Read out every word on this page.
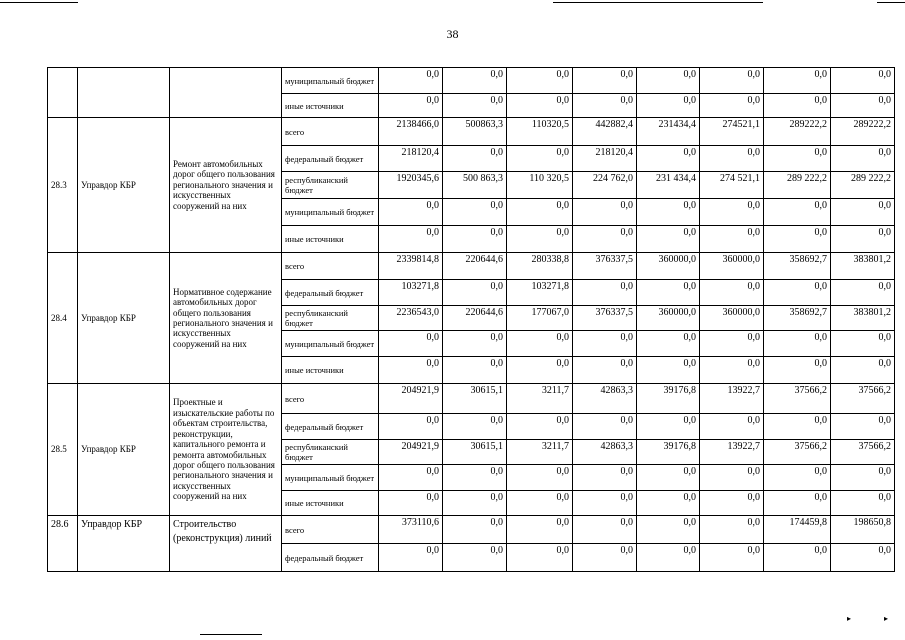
38
			муниципальный бюджет	0,0	0,0	0,0	0,0	0,0	0,0	0,0	0,0
			иные источники	0,0	0,0	0,0	0,0	0,0	0,0	0,0	0,0
28.3	Управдор КБР	Ремонт автомобильных дорог общего пользования регионального значения и искусственных сооружений на них	всего	2138466,0	500863,3	110320,5	442882,4	231434,4	274521,1	289222,2	289222,2
			федеральный бюджет	218120,4	0,0	0,0	218120,4	0,0	0,0	0,0	0,0
			республиканский бюджет	1920345,6	500 863,3	110 320,5	224 762,0	231 434,4	274 521,1	289 222,2	289 222,2
			муниципальный бюджет	0,0	0,0	0,0	0,0	0,0	0,0	0,0	0,0
			иные источники	0,0	0,0	0,0	0,0	0,0	0,0	0,0	0,0
28.4	Управдор КБР	Нормативное содержание автомобильных дорог общего пользования регионального значения и искусственных сооружений на них	всего	2339814,8	220644,6	280338,8	376337,5	360000,0	360000,0	358692,7	383801,2
			федеральный бюджет	103271,8	0,0	103271,8	0,0	0,0	0,0	0,0	0,0
			республиканский бюджет	2236543,0	220644,6	177067,0	376337,5	360000,0	360000,0	358692,7	383801,2
			муниципальный бюджет	0,0	0,0	0,0	0,0	0,0	0,0	0,0	0,0
			иные источники	0,0	0,0	0,0	0,0	0,0	0,0	0,0	0,0
28.5	Управдор КБР	Проектные и изыскательские работы по объектам строительства, реконструкции, капитального ремонта и ремонта автомобильных дорог общего пользования регионального значения и искусственных сооружений на них	всего	204921,9	30615,1	3211,7	42863,3	39176,8	13922,7	37566,2	37566,2
			федеральный бюджет	0,0	0,0	0,0	0,0	0,0	0,0	0,0	0,0
			республиканский бюджет	204921,9	30615,1	3211,7	42863,3	39176,8	13922,7	37566,2	37566,2
			муниципальный бюджет	0,0	0,0	0,0	0,0	0,0	0,0	0,0	0,0
			иные источники	0,0	0,0	0,0	0,0	0,0	0,0	0,0	0,0
28.6	Управдор КБР	Строительство (реконструкция) линий	всего	373110,6	0,0	0,0	0,0	0,0	0,0	174459,8	198650,8
			федеральный бюджет	0,0	0,0	0,0	0,0	0,0	0,0	0,0	0,0
▸	▸
